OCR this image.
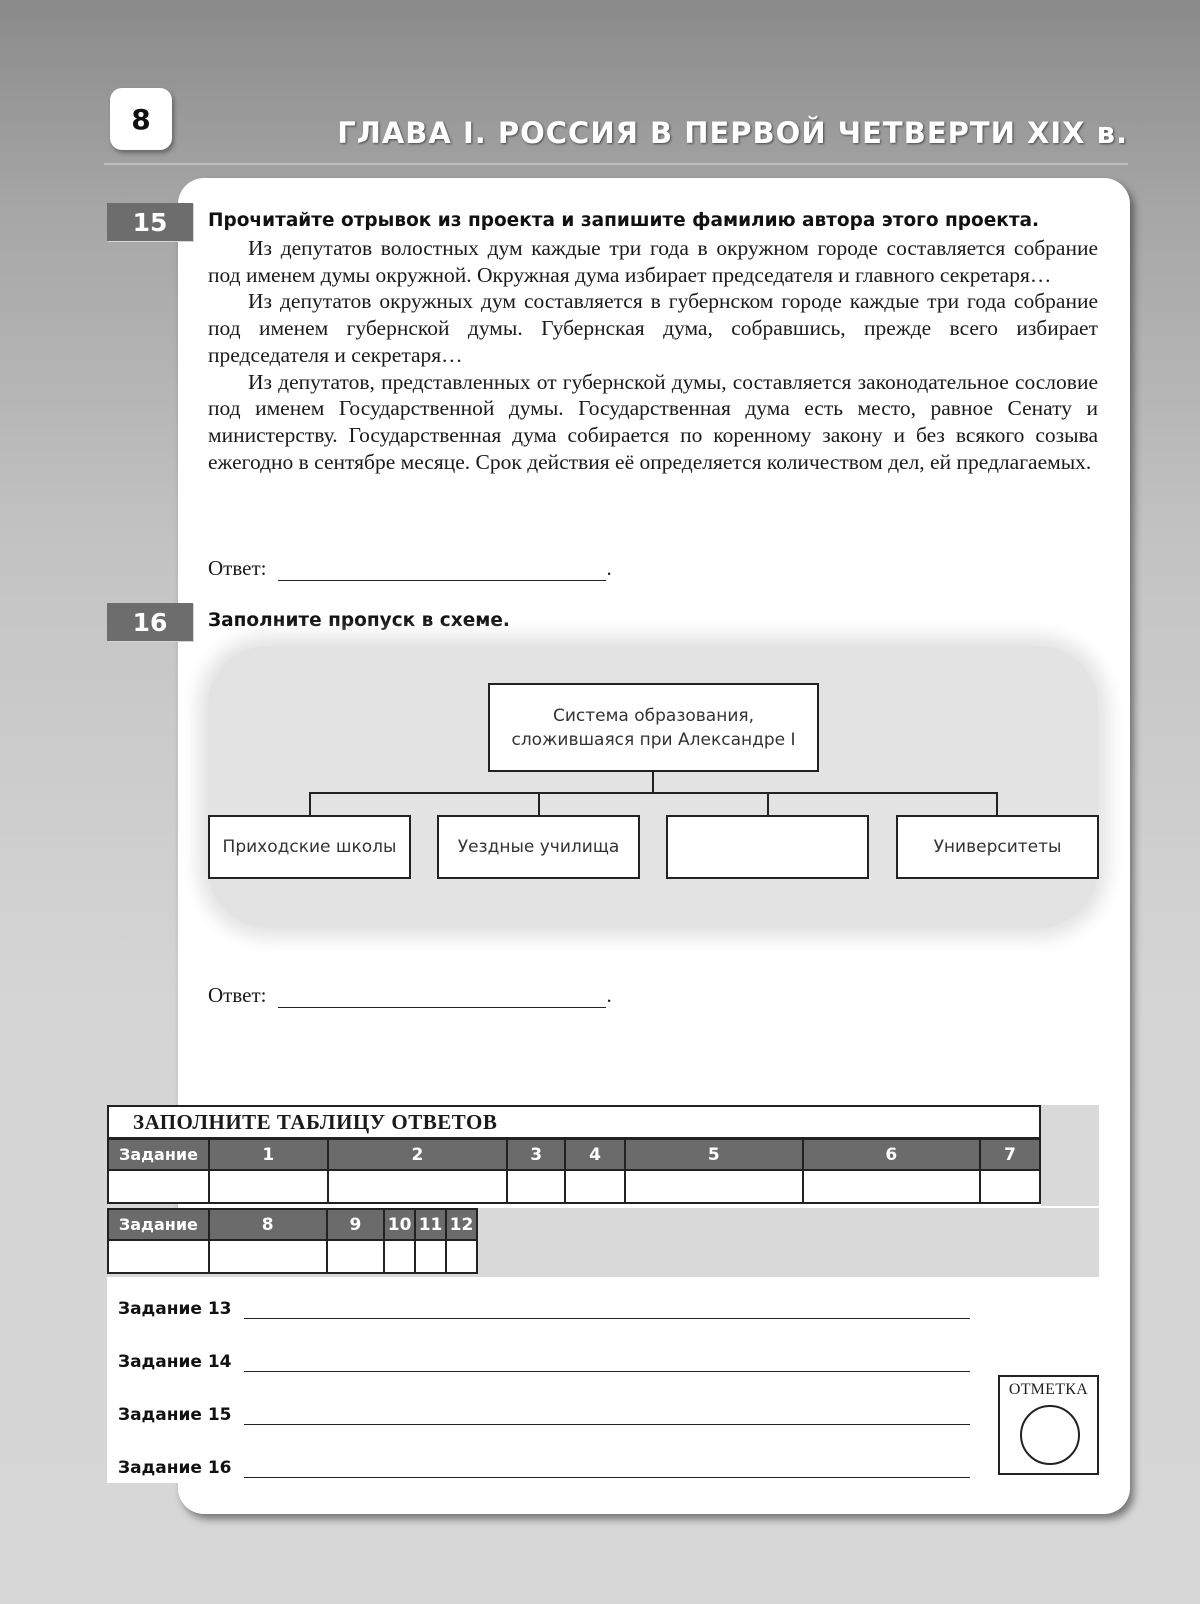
8	ГЛАВА I. РОССИЯ В ПЕРВОЙ ЧЕТВЕРТИ XIX в.
15	Прочитайте отрывок из проекта и запишите фамилию автора этого проекта.

Из депутатов волостных дум каждые три года в окружном городе составляется собрание под именем думы окружной. Окружная дума избирает председателя и главного секретаря…

Из депутатов окружных дум составляется в губернском городе каждые три года собрание под именем губернской думы. Губернская дума, собравшись, прежде всего избирает председателя и секретаря…

Из депутатов, представленных от губернской думы, составляется законодательное сословие под именем Государственной думы. Государственная дума есть место, равное Сенату и министерству. Государственная дума собирается по коренному закону и без всякого созыва ежегодно в сентябре месяце. Срок действия её определяется количеством дел, ей предлагаемых.

Ответ:	.
16	Заполните пропуск в схеме.
Система образования,
сложившаяся при Александре I
Приходские школы	Уездные училища	Университеты
Ответ:	.
ЗАПОЛНИТЕ ТАБЛИЦУ ОТВЕТОВ
Задание	1	2	3	4	5	6	7

Задание	8	9	10	11	12

Задание 13
Задание 14
Задание 15
Задание 16
ОТМЕТКА
